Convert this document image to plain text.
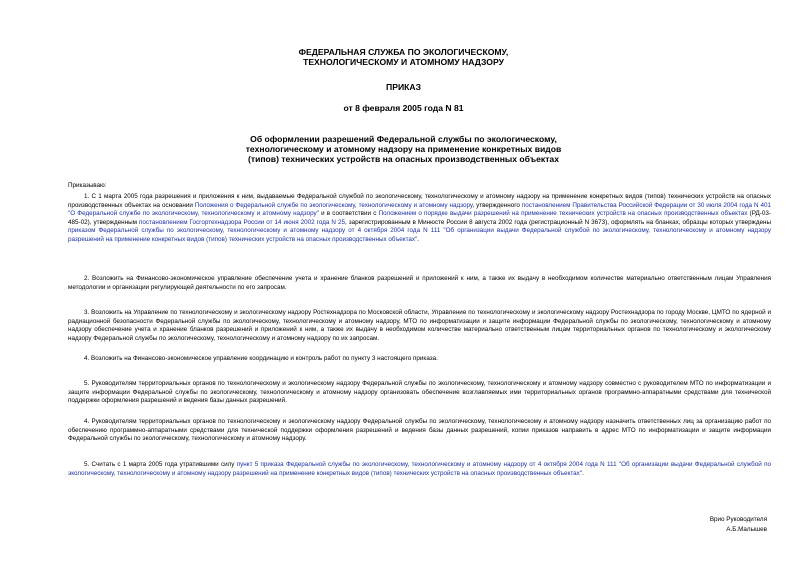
ФЕДЕРАЛЬНАЯ СЛУЖБА ПО ЭКОЛОГИЧЕСКОМУ,
ТЕХНОЛОГИЧЕСКОМУ И АТОМНОМУ НАДЗОРУ
ПРИКАЗ
от 8 февраля 2005 года N 81
Об оформлении разрешений Федеральной службы по экологическому,
технологическому и атомному надзору на применение конкретных видов
(типов) технических устройств на опасных производственных объектах
Приказываю:
1. С 1 марта 2005 года разрешения и приложения к ним, выдаваемые Федеральной службой по экологическому, технологическому и атомному надзору на применение конкретных видов (типов) технических устройств на опасных производственных объектах на основании Положения о Федеральной службе по экологическому, технологическому и атомному надзору, утвержденного постановлением Правительства Российской Федерации от 30 июля 2004 года N 401 "О Федеральной службе по экологическому, технологическому и атомному надзору" и в соответствии с Положением о порядке выдачи разрешений на применение технических устройств на опасных производственных объектах (РД-03-485-02), утвержденным постановлением Госгортехнадзора России от 14 июня 2002 года N 25, зарегистрированным в Минюсте России 8 августа 2002 года (регистрационный N 3673), оформлять на бланках, образцы которых утверждены приказом Федеральной службы по экологическому, технологическому и атомному надзору от 4 октября 2004 года N 111 "Об организации выдачи Федеральной службой по экологическому, технологическому и атомному надзору разрешений на применение конкретных видов (типов) технических устройств на опасных производственных объектах".
2. Возложить на Финансово-экономическое управление обеспечение учета и хранение бланков разрешений и приложений к ним, а также их выдачу в необходимом количестве материально ответственным лицам Управления методологии и организации регулирующей деятельности по его запросам.
3. Возложить на Управление по технологическому и экологическому надзору Ростехнадзора по Московской области, Управление по технологическому и экологическому надзору Ростехнадзора по городу Москве, ЦМТО по ядерной и радиационной безопасности Федеральной службы по экологическому, технологическому и атомному надзору, МТО по информатизации и защите информации Федеральной службы по экологическому, технологическому и атомному надзору обеспечение учета и хранение бланков разрешений и приложений к ним, а также их выдачу в необходимом количестве материально ответственным лицам территориальных органов по технологическому и экологическому надзору Федеральной службы по экологическому, технологическому и атомному надзору по их запросам.
4. Возложить на Финансово-экономическое управление координацию и контроль работ по пункту 3 настоящего приказа.
5. Руководителям территориальных органов по технологическому и экологическому надзору Федеральной службы по экологическому, технологическому и атомному надзору совместно с руководителем МТО по информатизации и защите информации Федеральной службы по экологическому, технологическому и атомному надзору организовать обеспечение возглавляемых ими территориальных органов программно-аппаратными средствами для технической поддержки оформления разрешений и ведения базы данных разрешений.
4. Руководителям территориальных органов по технологическому и экологическому надзору Федеральной службы по экологическому, технологическому и атомному надзору назначить ответственных лиц за организацию работ по обеспечению программно-аппаратными средствами для технической поддержки оформления разрешений и ведения базы данных разрешений, копии приказов направить в адрес МТО по информатизации и защите информации Федеральной службы по экологическому, технологическому и атомному надзору.
5. Считать с 1 марта 2005 года утратившими силу пункт 5 приказа Федеральной службы по экологическому, технологическому и атомному надзору от 4 октября 2004 года N 111 "Об организации выдачи Федеральной службой по экологическому, технологическому и атомному надзору разрешений на применение конкретных видов (типов) технических устройств на опасных производственных объектах".
Врио Руководителя
А.Б.Малышев
